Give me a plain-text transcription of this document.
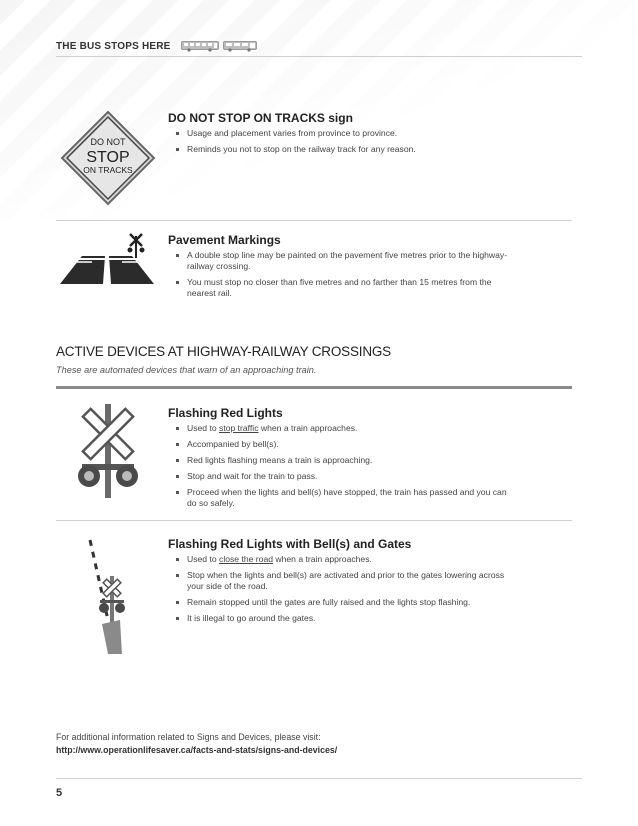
THE BUS STOPS HERE
DO NOT
STOP
ON TRACKS
DO NOT STOP ON TRACKS sign
Usage and placement varies from province to province.
Reminds you not to stop on the railway track for any reason.
Pavement Markings
A double stop line may be painted on the pavement five metres prior to the highway-railway crossing.
You must stop no closer than five metres and no farther than 15 metres from the nearest rail.
ACTIVE DEVICES AT HIGHWAY-RAILWAY CROSSINGS
These are automated devices that warn of an approaching train.
Flashing Red Lights
Used to stop traffic when a train approaches.
Accompanied by bell(s).
Red lights flashing means a train is approaching.
Stop and wait for the train to pass.
Proceed when the lights and bell(s) have stopped, the train has passed and you can do so safely.
Flashing Red Lights with Bell(s) and Gates
Used to close the road when a train approaches.
Stop when the lights and bell(s) are activated and prior to the gates lowering across your side of the road.
Remain stopped until the gates are fully raised and the lights stop flashing.
It is illegal to go around the gates.
For additional information related to Signs and Devices, please visit:
http://www.operationlifesaver.ca/facts-and-stats/signs-and-devices/
5
